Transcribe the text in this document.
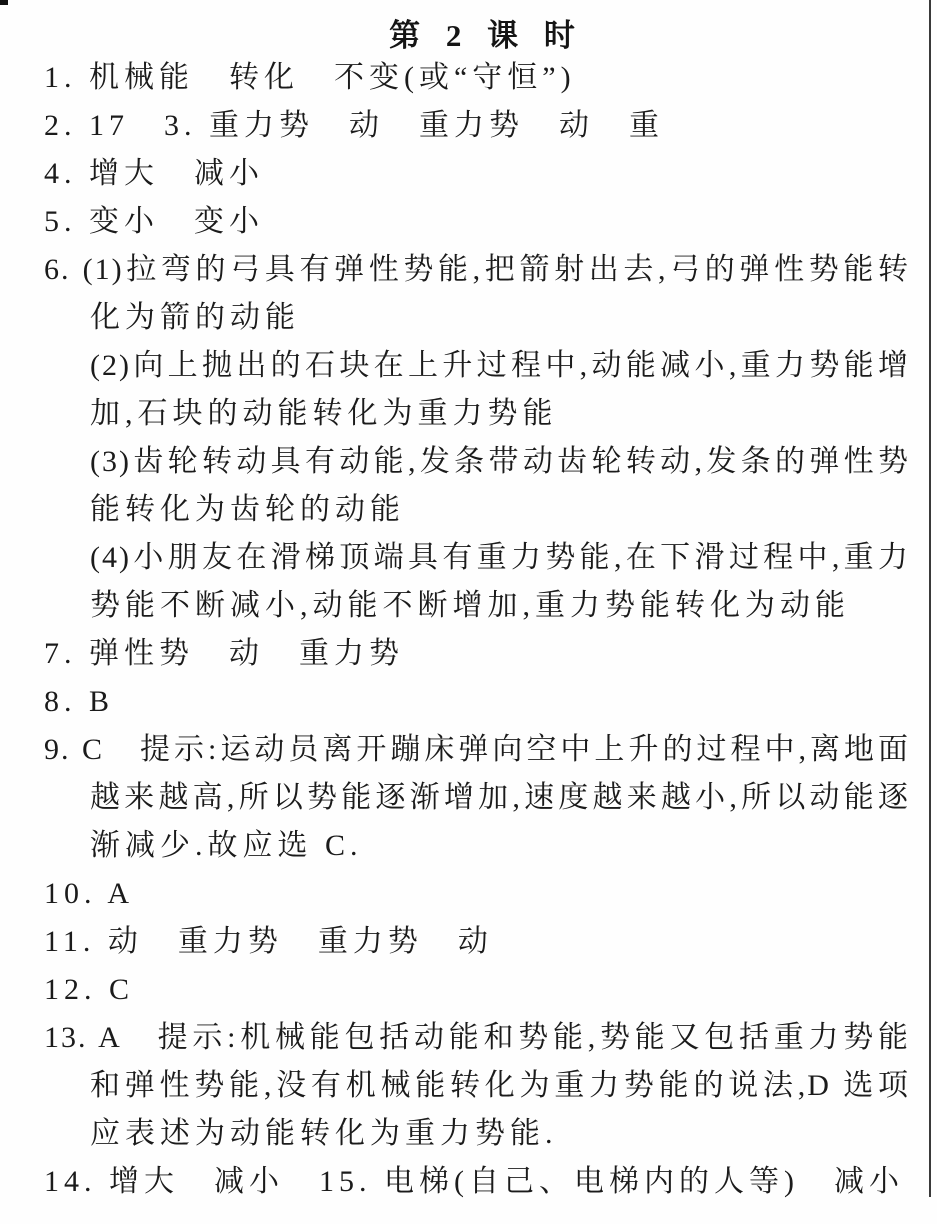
第 2 课 时
1. 机械能　转化　不变(或“守恒”)
2. 17　3. 重力势　动　重力势　动　重
4. 增大　减小
5. 变小　变小
6. (1)拉弯的弓具有弹性势能,把箭射出去,弓的弹性势能转
化为箭的动能
(2)向上抛出的石块在上升过程中,动能减小,重力势能增
加,石块的动能转化为重力势能
(3)齿轮转动具有动能,发条带动齿轮转动,发条的弹性势
能转化为齿轮的动能
(4)小朋友在滑梯顶端具有重力势能,在下滑过程中,重力
势能不断减小,动能不断增加,重力势能转化为动能
7. 弹性势　动　重力势
8. B
9. C　提示:运动员离开蹦床弹向空中上升的过程中,离地面
越来越高,所以势能逐渐增加,速度越来越小,所以动能逐
渐减少.故应选 C.
10. A
11. 动　重力势　重力势　动
12. C
13. A　提示:机械能包括动能和势能,势能又包括重力势能
和弹性势能,没有机械能转化为重力势能的说法,D 选项
应表述为动能转化为重力势能.
14. 增大　减小　15. 电梯(自己、电梯内的人等)　减小
